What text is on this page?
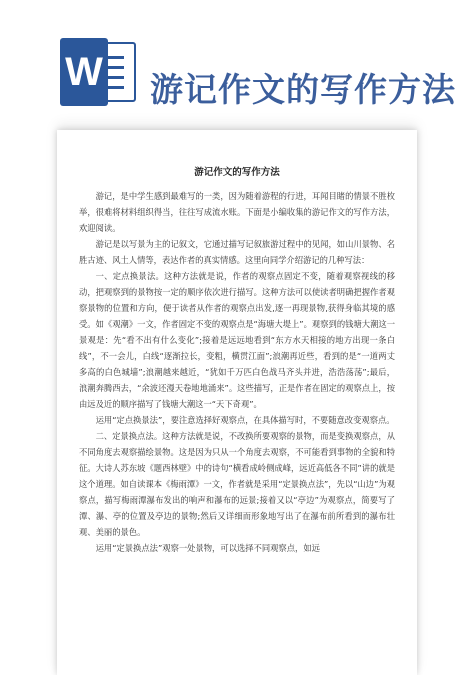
W 游记作文的写作方法
游记作文的写作方法

游记，是中学生感到最难写的一类，因为随着游程的行进，耳闻目睹的情景不胜枚举，很难将材料组织得当，往往写成流水账。下面是小编收集的游记作文的写作方法，欢迎阅读。

游记是以写景为主的记叙文，它通过描写记叙旅游过程中的见闻，如山川景物、名胜古迹、风土人情等，表达作者的真实情感。这里向同学介绍游记的几种写法：

一、定点换景法。这种方法就是说，作者的观察点固定不变，随着观察视线的移动，把观察到的景物按一定的顺序依次进行描写。这种方法可以使读者明确把握作者观察景物的位置和方向，便于读者从作者的观察点出发,逐一再现景物,获得身临其境的感受。如《观潮》一文，作者固定不变的观察点是“海塘大堤上”。观察到的钱塘大潮这一景观是：先“看不出有什么变化”;接着是远远地看到“东方水天相接的地方出现一条白线”，不一会儿，白线“逐渐拉长，变粗，横贯江面”;浪潮再近些，看到的是“一道两丈多高的白色城墙”;浪潮越来越近，“犹如千万匹白色战马齐头并进，浩浩荡荡”;最后，浪潮奔腾西去，“余波还漫天卷地地涌来”。这些描写，正是作者在固定的观察点上，按由远及近的顺序描写了钱塘大潮这一“天下奇观”。

运用“定点换景法”，要注意选择好观察点，在具体描写时，不要随意改变观察点。

二、定景换点法。这种方法就是说，不改换所要观察的景物，而是变换观察点，从不同角度去观察描绘景物。这是因为只从一个角度去观察，不可能看到事物的全貌和特征。大诗人苏东坡《题西林壁》中的诗句“横看成岭侧成峰，远近高低各不同”讲的就是这个道理。如自读课本《梅雨潭》一文，作者就是采用“定景换点法”，先以“山边”为观察点，描写梅雨潭瀑布发出的响声和瀑布的远景;接着又以“亭边”为观察点，简要写了潭、瀑、亭的位置及亭边的景物;然后又详细而形象地写出了在瀑布前所看到的瀑布壮观、美丽的景色。

运用“定景换点法”观察一处景物，可以选择不同观察点，如远
